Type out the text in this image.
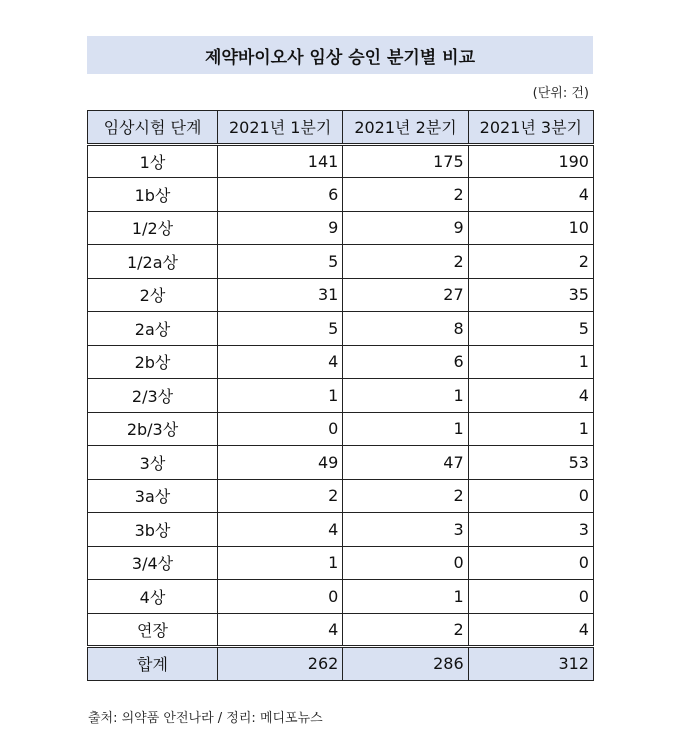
제약바이오사 임상 승인 분기별 비교
(단위: 건)
임상시험 단계	2021년 1분기	2021년 2분기	2021년 3분기
1상	141	175	190
1b상	6	2	4
1/2상	9	9	10
1/2a상	5	2	2
2상	31	27	35
2a상	5	8	5
2b상	4	6	1
2/3상	1	1	4
2b/3상	0	1	1
3상	49	47	53
3a상	2	2	0
3b상	4	3	3
3/4상	1	0	0
4상	0	1	0
연장	4	2	4
합계	262	286	312
출처: 의약품 안전나라 / 정리: 메디포뉴스
